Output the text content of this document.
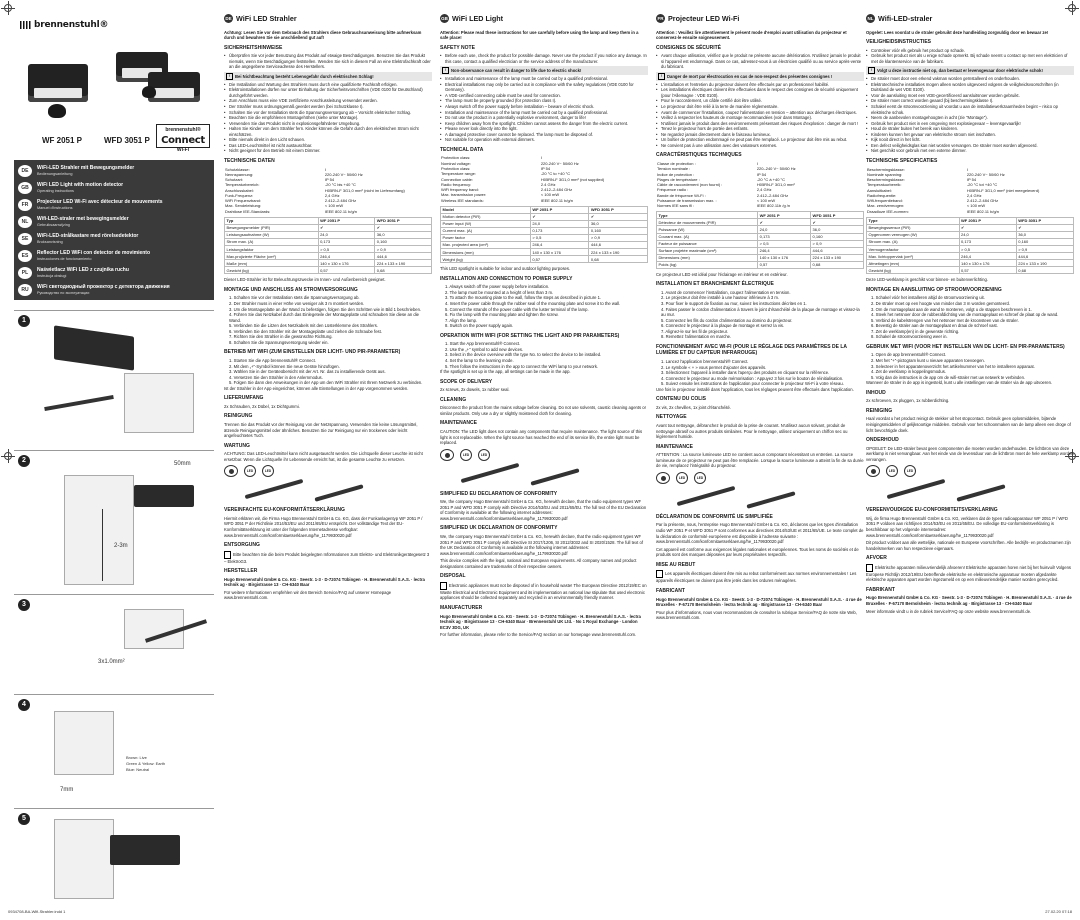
brennenstuhl®
WF 2051 P	WFD 3051 P
brennenstuhl®
Connect
Wi-Fi
DE	WiFi-LED Strahler mit Bewegungsmelder
Bedienungsanleitung
GB	WiFi LED Light with motion detector
Operating instructions
FR	Projecteur LED Wi-Fi avec détecteur de mouvements
Manuel d'instructions
NL	Wifi-LED-straler met bewegingsmelder
Gebruiksaanwijzing
SE	WiFi-LED-strålkastare med rörelsedetektor
Bruksanvisning
ES	Reflector LED WiFi con detector de movimiento
Instrucciones de funcionamiento
PL	Naświetlacz WiFi LED z czujnika ruchu
Instrukcja obsługi
RU	WiFi светодиодный прожектор с детектора движения
Руководство по эксплуатации
1
2	50mm
2-3m
3
3x1.0mm²
4
Brown: Live
Green & Yellow: Earth
Blue: Neutral
7mm
5
DE WiFi LED Strahler

Achtung: Lesen Sie vor dem Gebrauch des Strahlers diese Gebrauchsanweisung bitte aufmerksam durch und bewahren Sie sie anschließend gut auf!

SICHERHEITSHINWEISE
• Überprüfen Sie vor jeder Benutzung das Produkt auf etwaige Beschädigungen. Benutzen Sie das Produkt niemals, wenn Sie Beschädigungen feststellen. Wenden Sie sich in diesem Fall an eine Elektrofachkraft oder an die angegebene Serviceadresse des Herstellers.
! Bei Nichtbeachtung besteht Lebensgefahr durch elektrischen Schlag!
• Die Installation und Wartung des Strahlers muss durch eine qualifizierte Fachkraft erfolgen.
• Elektroinstallationen dürfen nur unter Einhaltung der Sicherheitsvorschriften (VDE 0100 für Deutschland) durchgeführt werden.
• Zum Anschluss muss eine VDE zertifizierte Anschlussleitung verwendet werden.
• Der Strahler muss ordnungsgemäß geerdet werden (bei Schutzklasse I).
• Schalten Sie vor der Installation stets die Spannungsversorgung ab – Vorsicht elektrischer Schlag.
• Beachten Sie die empfohlenen Montagehöhen (siehe unter Montage).
• Verwenden Sie das Produkt nicht in explosionsgefährdeter Umgebung.
• Halten Sie Kinder von dem Strahler fern. Kinder können die Gefahr durch den elektrischen Strom nicht einschätzen.
• Bitte niemals direkt in den Licht schauen.
• Das LED-Leuchtmittel ist nicht austauschbar.
• Nicht geeignet für den Betrieb mit einem Dimmer.
TECHNISCHE DATEN
Schutzklasse:	I
Nennspannung:	220-240 V~ 50/60 Hz
Schutzart:	IP 54
Temperaturbereich:	-20 °C bis +40 °C
Anschlusskabel:	H05RN-F 3G1,0 mm² (nicht im Lieferumfang)
Funk-Frequenz:	2,4 GHz
WiFi Frequenzband:	2.412–2.484 GHz
Max. Sendeleistung:	< 100 mW
Drahtlose IEE-Standards:	IEEE 802.11 b/g/n
Typ	WF 2051 P	WFD 3051 P
Bewegungsmelder (PIR)	✔	✔
Leistungsaufnahme (W)	24,0	36,0
Strom max. (A)	0,173	0,160
Leistungsfaktor	> 0,5	> 0,9
Max.projizierte Fläche (cm²)	246,4	444,6
Maße (mm)	140 x 130 x 176	224 x 133 x 190
Gewicht (kg)	0,57	0,68

Dieser LED-Strahler ist für Beleuchtungszwecke im Innen- und Außenbereich geeignet.

MONTAGE UND ANSCHLUSS AN STROMVERSORGUNG
1. Schalten Sie vor der Installation stets die Spannungsversorgung ab.
2. Der Strahler muss in einer Höhe von weniger als 3 m montiert werden.
3. Um die Montageplatte an der Wand zu befestigen, folgen Sie den Schritten wie in Bild 1 beschrieben.
4. Führen Sie das Netzkabel durch das Einlegeteile der Montageplatte und schrauben Sie diese an die Wand.
5. Verbinden Sie die Litzen des Netzkabels mit den Lüsterklemme des Strahlers.
6. Verbinden Sie den Strahler mit der Montageplatte und ziehen die Schraube fest.
7. Richten Sie den Strahler in die gewünschte Richtung.
8. Schalten Sie die Spannungsversorgung wieder ein.
BETRIEB MIT WIFI (ZUM EINSTELLEN DER LICHT- UND PIR-PARAMETER)
1. Starten Sie die App brennenstuhl® Connect.
2. Mit dem „+"-Symbol können Sie neue Geräte hinzufügen.
3. Wählen Sie in der Geräteübersicht mit der Art. Nr. das zu installierende Gerät aus.
4. Versetzen Sie den Strahler in den Anlernmodus.
5. Folgen Sie dann den Anweisungen in der App um den WiFi Strahler mit Ihrem Netzwerk zu verbinden.

Ist der Strahler in der App eingerichtet, können alle Einstellungen in der App vorgenommen werden.

LIEFERUMFANG

2x Schrauben, 2x Dübel, 1x Dichtgummi.

REINIGUNG

Trennen Sie das Produkt vor der Reinigung von der Netzspannung. Verwenden Sie keine Lösungsmittel, ätzende Reinigungsmittel oder ähnliches. Benutzen Sie zur Reinigung nur ein trockenes oder leicht angefeuchtetes Tuch.

WARTUNG

ACHTUNG: Das LED-Leuchtmittel kann nicht ausgetauscht werden. Die Lichtquelle dieser Leuchte ist nicht ersetzbar. Wenn die Lichtquelle ihr Lebensende erreicht hat, ist die gesamte Leuchte zu ersetzen.

LED	LED
VEREINFACHTE EU-KONFORMITÄTSERKLÄRUNG

Hiermit erklären wir, die Firma Hugo Brennenstuhl GmbH & Co. KG, dass der Funkanlagentyp WF 2051 P / WFD 3051 P der Richtlinie 2014/53/EU und 2011/65/EU entspricht. Der vollständige Text der EU-Konformitätserklärung ist unter der folgenden Internetadresse verfügbar: www.brennenstuhl.com/konformitaetserklaerung/he_1179930020.pdf

ENTSORGUNG

Bitte beachten Sie die beim Produkt beigelegten Informationen zum Elektro- und Elektronikgerätegesetz 3 – ElektroG3.

HERSTELLER

Hugo Brennenstuhl GmbH & Co. KG · Seestr. 1-3 · D-72074 Tübingen · H. Brennenstuhl S.A.S. · lectra technik ag · Birgistrasse 13 · CH-6340 Baar

Für weitere Informationen empfehlen wir den Bereich Service/FAQ auf unserer Homepage www.brennenstuhl.com.

GB WiFi LED Light

Attention: Please read these instructions for use carefully before using the lamp and keep them in a safe place!

SAFETY NOTE
• Before each use, check the product for possible damage. Never use the product if you notice any damage. In this case, contact a qualified electrician or the service address of the manufacturer.
! Non-observance can result in danger to life due to electric shock!
• Installation and maintenance of the lamp must be carried out by a qualified professional.
• Electrical installations may only be carried out in compliance with the safety regulations (VDE 0100 for Germany).
• A VDE-certified connecting cable must be used for connection.
• The lamp must be properly grounded (for protection class I).
• Always switch off the power supply before installation – beware of electric shock.
• Installation and maintenance of the lamp must be carried out by a qualified professional.
• Do not use the product in a potentially explosive environment, danger to life!
• Keep children away from the spotlight. Children cannot assess the danger from the electric current.
• Please never look directly into the light.
• A damaged protective cover cannot be replaced. The lamp must be disposed of.
• Not suitable for operation with external dimmers.
TECHNICAL DATA
Protection class:	I
Nominal voltage:	220-240 V~ 50/60 Hz
Protection class:	IP 54
Temperature range:	-20 °C to +40 °C
Connection cable:	H05RN-F 3G1,0 mm² (not supplied)
Radio frequency:	2.4 GHz
WiFi frequency band:	2.412–2.484 GHz
Max. transmission power:	< 100 mW
Wireless IEE standards:	IEEE 802.11 b/g/n
Model	WF 2051 P	WFD 3051 P
Motion detector (PIR)	✔	✔
Power input (W)	24,0	36,0
Current max. (A)	0,173	0,160
Power factor	> 0,5	> 0,9
Max. projected area (cm²)	246,4	444,6
Dimensions (mm)	140 x 130 x 176	224 x 133 x 190
Weight (kg)	0,57	0,68

This LED spotlight is suitable for indoor and outdoor lighting purposes.

INSTALLATION AND CONNECTION TO POWER SUPPLY
1. Always switch off the power supply before installation.
2. The lamp must be mounted at a height of less than 3 m.
3. To attach the mounting plate to the wall, follow the steps as described in picture 1.
4. Insert the power cable through the rubber seal of the mounting plate and screw it to the wall.
5. Connect the strands of the power cable with the luster terminal of the lamp.
6. Fix the lamp with the mounting plate and tighten the screw.
7. Align the lamp.
8. Switch on the power supply again.
OPERATION WITH WIFI (FOR SETTING THE LIGHT AND PIR PARAMETERS)
1. Start the App brennenstuhl® Connect.
2. Use the „+" symbol to add new devices.
3. Select in the device overview with the type No. to select the device to be installed.
4. Set the lamp to the learning mode.
5. Then follow the instructions in the app to connect the WiFi lamp to your network.

If the spotlight is set up in the app, all settings can be made in the app.

SCOPE OF DELIVERY

2x screws, 2x dowels, 1x rubber seal.

CLEANING

Disconnect the product from the mains voltage before cleaning. Do not use solvents, caustic cleaning agents or similar products. Only use a dry or slightly moistened cloth for cleaning.

MAINTENANCE

CAUTION: The LED light does not contain any components that require maintenance. The light source of this light is not replaceable. When the light source has reached the end of its service life, the entire light must be replaced.

LED	LED
SIMPLIFIED EU DECLARATION OF CONFORMITY

We, the company Hugo Brennenstuhl GmbH & Co. KG, herewith declare, that the radio equipment types WF 2051 P and WFD 3051 P comply with Directive 2014/53/EU and 2011/65/EU. The full text of the EU Declaration of Conformity is available at the following internet addresses: www.brennenstuhl.com/konformitaetserklaerung/he_1179930020.pdf

SIMPLIFIED UK DECLARATION OF CONFORMITY

We, the company Hugo Brennenstuhl GmbH & Co. KG, herewith declare, that the radio equipment types WF 2051 P and WFD 3051 P comply with Directive SI 2017/1206, SI 2012/3032 and SI 2020/1528. The full text of the UK Declaration of Conformity is available at the following internet addresses: www.brennenstuhl.com/konformitaetserklaerung/he_1179930020.pdf

This device complies with the legal, national and European requirements. All company names and product designations contained are trademarks of their respective owners.

DISPOSAL

Electronic appliances must not be disposed of in household waste! The European Directive 2012/19/EC on Waste Electrical and Electronic Equipment and its implementation as national law stipulate that used electronic appliances should be collected separately and recycled in an environmentally friendly manner.

MANUFACTURER

Hugo Brennenstuhl GmbH & Co. KG · Seestr. 1-3 · D-72074 Tübingen · H. Brennenstuhl S.A.S. · lectra technik ag · Birgistrasse 13 · CH-6340 Baar · Brennenstuhl UK Ltd. · No 1 Royal Exchange · London EC3V 3DG, UK

For further information, please refer to the Service/FAQ section on our homepage www.brennenstuhl.com.

FR Projecteur LED Wi-Fi

Attention : Veuillez lire attentivement le présent mode d'emploi avant utilisation du projecteur et conservez-le ensuite soigneusement.

CONSIGNES DE SÉCURITÉ
• Avant chaque utilisation, vérifiez que le produit ne présente aucune détérioration. N'utilisez jamais le produit si l'appareil est endommagé. Dans ce cas, adressez-vous à un électricien qualifié ou au service après-vente du fabricant.
! Danger de mort par électrocution en cas de non-respect des présentes consignes !
• L'installation et l'entretien du projecteur doivent être effectués par un professionnel habilité.
• Les installations électriques doivent être effectuées dans le respect des consignes de sécurité uniquement (pour l'Allemagne : VDE 0100).
• Pour le raccordement, un câble certifié doit être utilisé.
• Le projecteur doit être relié à la terre de manière réglementaire.
• Avant de commencer l'installation, coupez l'alimentation en tension – attention aux décharges électriques.
• Veillez à respecter les hauteurs de montage recommandées (voir dans Montage).
• N'utilisez jamais le produit dans des environnements présentant des risques d'explosion : danger de mort !
• Tenez le projecteur hors de portée des enfants.
• Ne regardez jamais directement dans le faisceau lumineux.
• Un boîtier de protection endommagé ne peut pas être remplacé. Le projecteur doit être mis au rebut.
• Ne convient pas à une utilisation avec des variateurs externes.
CARACTÉRISTIQUES TECHNIQUES
Classe de protection :	I
Tension nominale :	220–240 V~ 50/60 Hz
Indice de protection :	IP 54
Plages de température :	-20 °C à +40 °C
Câble de raccordement (non fourni) :	H05RN-F 3G1,0 mm²
Fréquence radio :	2,4 GHz
Bande de fréquence Wi-Fi :	2.412–2.484 GHz
Puissance de transmission max. :	< 100 mW
Normes IEE sans fil :	IEEE 802.11b /g /n
Type	WF 2051 P	WFD 3051 P
Détecteur de mouvements (PIR)	✔	✔
Puissance (W)	24,0	36,0
Courant max. (A)	0,173	0,160
Facteur de puissance	> 0,5	> 0,9
Surface projetée maximale (cm²)	246,4	444,6
Dimensions (mm)	140 x 130 x 176	224 x 133 x 190
Poids (kg)	0,57	0,68

Ce projecteur LED est idéal pour l'éclairage en intérieur et en extérieur.

INSTALLATION ET BRANCHEMENT ÉLECTRIQUE
1. Avant de commencer l'installation, coupez l'alimentation en tension.
2. Le projecteur doit être installé à une hauteur inférieure à 3 m.
3. Pour fixer le support de fixation au mur, suivez les instructions décrites en 1.
4. Faites passer le cordon d'alimentation à travers le joint d'étanchéité de la plaque de montage et vissez-la au mur.
5. Connectez les fils du cordon d'alimentation au domino du projecteur.
6. Connectez le projecteur à la plaque de montage et serrez la vis.
7. Alignez-le sur les fil de projecteur.
8. Remettez l'alimentation en marche.
FONCTIONNEMENT AVEC WI-FI (POUR LE RÉGLAGE DES PARAMÈTRES DE LA LUMIÈRE ET DU CAPTEUR INFRAROUGE)
1. Lancez l'application brennenstuhl® Connect.
2. Le symbole « + » vous permet d'ajouter des appareils.
3. Sélectionnez l'appareil à installer dans l'aperçu des produits en cliquant sur la référence.
4. Connectez le projecteur au mode mémorisation : Appuyez 3 fois sur le bouton de réinitialisation.
5. Suivez ensuite les instructions de l'application pour connecter le projecteur Wi-Fi à votre réseau.

Une fois le projecteur installé dans l'application, tous les réglages peuvent être effectués dans l'application.

CONTENU DU COLIS

2x vis, 2x chevilles, 1x joint d'étanchéité.

NETTOYAGE

Avant tout nettoyage, débranchez le produit de la prise de courant. N'utilisez aucun solvant, produit de nettoyage abrasif ou autres produits similaires. Pour le nettoyage, utilisez uniquement un chiffon sec ou légèrement humide.

MAINTENANCE

ATTENTION : La source lumineuse LED ne contient aucun composant nécessitant un entretien. La source lumineuse de ce projecteur ne peut pas être remplacée. Lorsque la source lumineuse a atteint la fin de sa durée de vie, remplacez l'intégralité du projecteur.

LED	LED
DÉCLARATION DE CONFORMITÉ UE SIMPLIFIÉE

Par la présente, nous, l'entreprise Hugo Brennenstuhl GmbH & Co. KG, déclarons que les types d'installation radio WF 2051 P et WFD 3051 P sont conformes aux directives 2014/53/UE et 2011/65/UE. Le texte complet de la déclaration de conformité européenne est disponible à l'adresse suivante : www.brennenstuhl.com/konformitaetserklaerung/he_1179930020.pdf

Cet appareil est conforme aux exigences légales nationales et européennes. Tous les noms de sociétés et de produits sont des marques déposées par leurs propriétaires respectifs.

MISE AU REBUT

Les appareils électriques doivent être mis au rebut conformément aux normes environnementales ! Les appareils électriques ne doivent pas être jetés dans les ordures ménagères.

FABRICANT

Hugo Brennenstuhl GmbH & Co. KG · Seestr. 1-3 · D-72074 Tübingen · H. Brennenstuhl S.A.S. · 4 rue de Bruxelles · F-67170 Bernolsheim · lectra technik ag · Birgistrasse 13 · CH-6340 Baar

Pour plus d'informations, nous vous recommandons de consulter la rubrique Service/FAQ de notre site Web, www.brennenstuhl.com.

NL Wifi-LED-straler

Opgelet: Lees voordat u de straler gebruikt deze handleiding zorgvuldig door en bewaar ze!

VEILIGHEIDSINSTRUCTIES
• Controleer vóór elk gebruik het product op schade.
• Gebruik het product niet als u enige schade opmerkt. Bij schade neemt u contact op met een elektricien of met de klantenservice van de fabrikant.
! Volgt u deze instructie niet op, dan bestaat er levensgevaar door elektrische schok!
• De straler moet door een erkend vakman worden geïnstalleerd en onderhouden.
• Elektrotechnische installaties mogen alleen worden uitgevoerd volgens de veiligheidsvoorschriften (in Duitsland de wet VDE 0100).
• Voor de aansluiting moet een VDE-gecertificeerd aansluitsnoer worden gebruikt.
• De straler moet correct worden geaard (bij beschermingsklasse I).
• Schakel eerst de stroomvoorziening uit voordat u aan de installatiewerkzaamheden begint – risico op elektrische schok.
• Neem de aanbevolen montagehoogten in acht (zie "Montage").
• Gebruik het product niet in een omgeving met explosiegevaar – levensgevaarlijk!
• Houd de straler buiten het bereik van kinderen.
• Kinderen kunnen het gevaar van elektrische stroom niet inschatten.
• Kijk nooit direct in het licht.
• Een defect veiligheidsglas kan niet worden vervangen. De straler moet worden afgevoerd.
• Niet geschikt voor gebruik met een externe dimmer.
TECHNISCHE SPECIFICATIES
Beschermingsklasse:	I
Nominale spanning:	220-240 V~ 50/60 Hz
Beschermingsklasse:	IP 54
Temperatuurbereik:	-20 °C tot +40 °C
Aansluitkabel:	H05RN-F 3G1,0 mm² (niet meegeleverd)
Radiofrequentie:	2,4 GHz
Wifi-frequentieband:	2.412–2.484 GHz
Max. zendvermogen:	< 100 mW
Draadloze IEE-normen:	IEEE 802.11 b/g/n
Type	WF 2051 P	WFD 3051 P
Bewegingssensor (PIR)	✔	✔
Opgenomen vermogen (W)	24,0	36,0
Stroom max. (A)	0,173	0,160
Vermogensfactor	> 0,5	> 0,9
Max. lichtopperviak (cm²)	246,4	444,6
Afmetingen (mm)	140 x 130 x 176	224 x 133 x 190
Gewicht (kg)	0,57	0,68

Deze LED-werklamp is geschikt voor binnen- en buitenverlichting.

MONTAGE EN AANSLUITING OP STROOMVOORZIENING
1. Schakel vóór het installeren altijd de stroomvoorziening uit.
2. De straler moet op een hoogte van minder dan 3 m worden gemonteerd.
3. Om de montageplaat aan de wand te monteren, volgt u de stappen beschreven in 1.
4. Steek het netsnoer door de rubberafdichting van de montageplaat en schroef de plaat op de wand.
5. Verbind de kabelstrengen van het netsnoer met de kroonsteen van de straler.
6. Bevestig de straler aan de montageplaat en draai de schroef vast.
7. Zet de werklamp(en) in de gewenste richting.
8. Schakel de stroomvoorziening weer in.
GEBRUIK MET WIFI (VOOR HET INSTELLEN VAN DE LICHT- EN PIR-PARAMETERS)
1. Open de app brennenstuhl® Connect.
2. Met het "+"-pictogram kunt u nieuwe apparaten toevoegen.
3. Selecteer in het apparatenoverzicht het artikelnummer van het te installeren apparaat.
4. Zet de werklamp in koppelingsmodus.
5. Volg dan de instructies in de app om de wifi-straler met uw netwerk te verbinden.

Wanneer de straler in de app is ingesteld, kunt u alle instellingen van de straler via de app uitvoeren.

INHOUD

2x schroeven, 2x pluggen, 1x rubberdichting.

REINIGING

Haal voordat u het product reinigt de stekker uit het stopcontact. Gebruik geen oplosmiddelen, bijtende reinigingsmiddelen of gelijksoortige middelen. Gebruik voor het schoonmaken van de lamp alleen een droge of licht bevochtigde doek.

ONDERHOUD

OPGELET: De LED-straler bevat geen componenten die moeten worden onderhouden. De lichtbron van deze werklamp is niet vervangbaar. Aan het einde van de levensduur van de lichtbron moet de hele werklamp worden vervangen.

LED	LED
VEREENVOUDIGDE EU-CONFORMITEITSVERKLARING

Wij, de firma Hugo Brennenstuhl GmbH & Co. KG, verklaren dat de typen radioapparatuur WF 2051 P / WFD 3051 P voldoen aan richtlijnen 2014/53/EU en 2011/65/EU. De volledige EU-conformiteitsverklaring is beschikbaar op het volgende internetadres: www.brennenstuhl.com/konformitaetserklaerung/he_1179930020.pdf

Dit product voldoet aan alle wettelijke, nationale en Europese voorschriften. Alle bedrijfs- en productnamen zijn handelsmerken van hun respectieve eigenaars.

AFVOER

Elektrische apparaten milieuvriendelijk afvoeren! Elektrische apparaten horen niet bij het huisvuil! Volgens Europese Richtlijn 2012/19/EU betreffende elektrische en elektronische apparatuur moeten afgedankte elektrische apparaten apart worden ingezameld en op een milieuvriendelijke manier worden gerecycled.

FABRIKANT

Hugo Brennenstuhl GmbH & Co. KG · Seestr. 1-3 · D-72074 Tübingen · H. Brennenstuhl S.A.S. · 4 rue de Bruxelles · F-67170 Bernolsheim · lectra technik ag · Birgistrasse 13 · CH-6340 Baar

Meer informatie vindt u in de rubriek Service/FAQ op onze website www.brennenstuhl.de.

0934708-BA-Wifi-Strahler.indd 1	27.02.20 07:18
